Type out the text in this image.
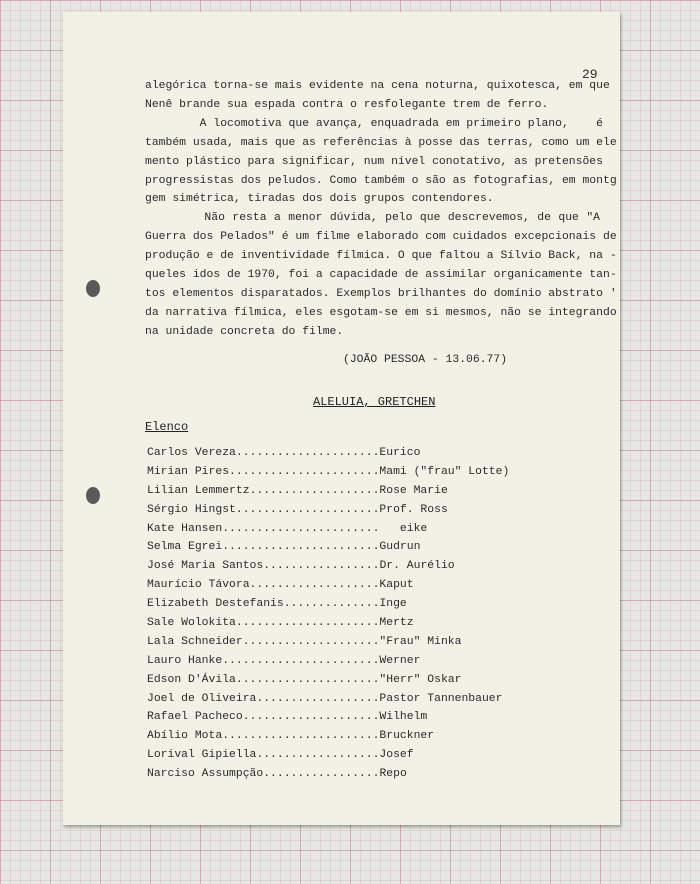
29
alegórica torna-se mais evidente na cena noturna, quixotesca, em que
Nenê brande sua espada contra o resfolegante trem de ferro.
A locomotiva que avança, enquadrada em primeiro plano,    é
também usada, mais que as referências à posse das terras, como um ele
mento plástico para significar, num nível conotativo, as pretensões
progressistas dos peludos. Como também o são as fotografias, em montg
gem simétrica, tiradas dos dois grupos contendores.
Não resta a menor dúvida, pelo que descrevemos, de que "A
Guerra dos Pelados" é um filme elaborado com cuidados excepcionais de
produção e de inventividade fílmica. O que faltou a Sílvio Back, na -
queles idos de 1970, foi a capacidade de assimilar organicamente tan-
tos elementos disparatados. Exemplos brilhantes do domínio abstrato '
da narrativa fílmica, eles esgotam-se em si mesmos, não se integrando
na unidade concreta do filme.
(JOÃO PESSOA - 13.06.77)
ALELUIA, GRETCHEN
Elenco
Carlos Vereza.....................Eurico
Mirian Pires......................Mami ("frau" Lotte)
Lilian Lemmertz...................Rose Marie
Sérgio Hingst.....................Prof. Ross
Kate Hansen.......................   eike
Selma Egrei.......................Gudrun
José Maria Santos.................Dr. Aurélio
Maurício Távora...................Kaput
Elizabeth Destefanis..............Inge
Sale Wolokita.....................Mertz
Lala Schneider...................."Frau" Minka
Lauro Hanke.......................Werner
Edson D'Ávila....................."Herr" Oskar
Joel de Oliveira..................Pastor Tannenbauer
Rafael Pacheco....................Wilhelm
Abílio Mota.......................Bruckner
Lorival Gipiella..................Josef
Narciso Assumpção.................Repo
